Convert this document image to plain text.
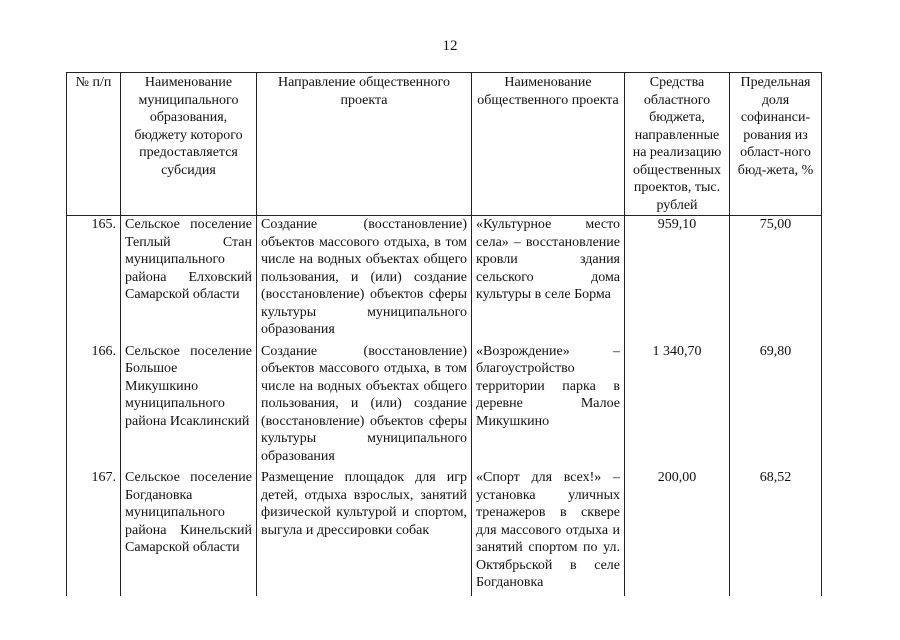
12
№ п/п	Наименование муниципального образования, бюджету которого предоставляется субсидия	Направление общественного проекта	Наименование общественного проекта	Средства областного бюджета, направленные на реализацию общественных проектов, тыс. рублей	Предельная доля софинанси-рования из област-ного бюд-жета, %
165.	Сельское поселение Теплый Стан муниципального района Елховский Самарской области	Создание (восстановление) объектов массового отдыха, в том числе на водных объектах общего пользования, и (или) создание (восстановление) объектов сферы культуры муниципального образования	«Культурное место села» – восстановление кровли здания сельского дома культуры в селе Борма	959,10	75,00
166.	Сельское поселение Большое Микушкино муниципального района Исаклинский	Создание (восстановление) объектов массового отдыха, в том числе на водных объектах общего пользования, и (или) создание (восстановление) объектов сферы культуры муниципального образования	«Возрождение» – благоустройство территории парка в деревне Малое Микушкино	1 340,70	69,80
167.	Сельское поселение Богдановка муниципального района Кинельский Самарской области	Размещение площадок для игр детей, отдыха взрослых, занятий физической культурой и спортом, выгула и дрессировки собак	«Спорт для всех!» – установка уличных тренажеров в сквере для массового отдыха и занятий спортом по ул. Октябрьской в селе Богдановка	200,00	68,52
